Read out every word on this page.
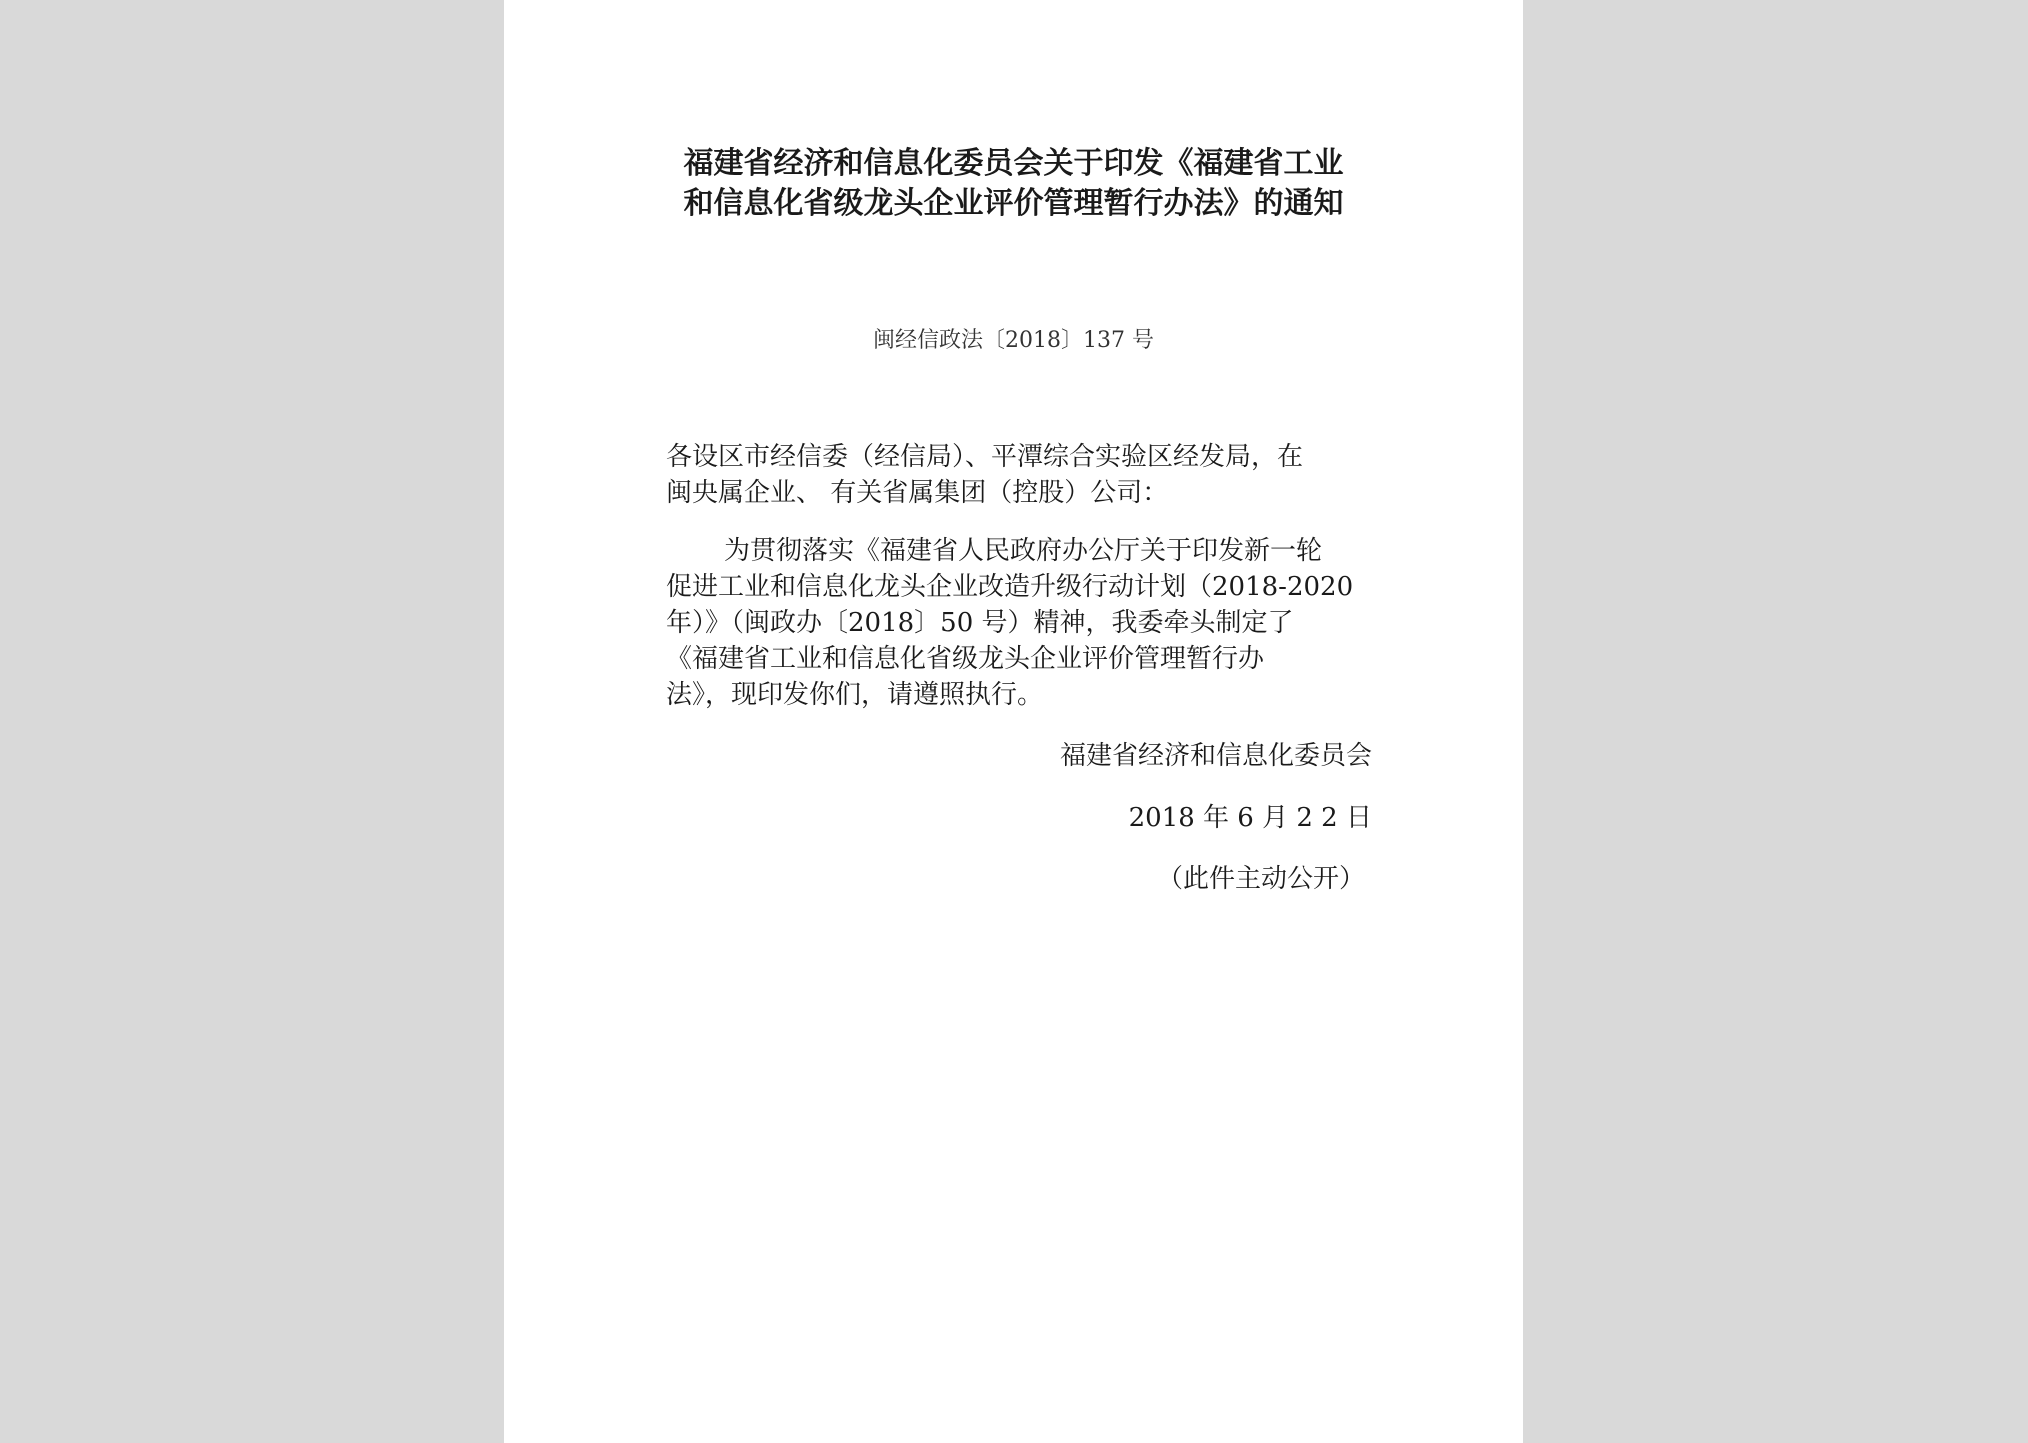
福建省经济和信息化委员会关于印发《福建省工业
和信息化省级龙头企业评价管理暂行办法》的通知
闽经信政法〔2018〕137 号
各设区市经信委（经信局）、平潭综合实验区经发局，在
闽央属企业、 有关省属集团（控股）公司：
为贯彻落实《福建省人民政府办公厅关于印发新一轮
促进工业和信息化龙头企业改造升级行动计划（2018-2020
年）》（闽政办〔2018〕50 号）精神，我委牵头制定了
《福建省工业和信息化省级龙头企业评价管理暂行办
法》，现印发你们，请遵照执行。
福建省经济和信息化委员会
2018 年 6 月 2 2 日
（此件主动公开）
